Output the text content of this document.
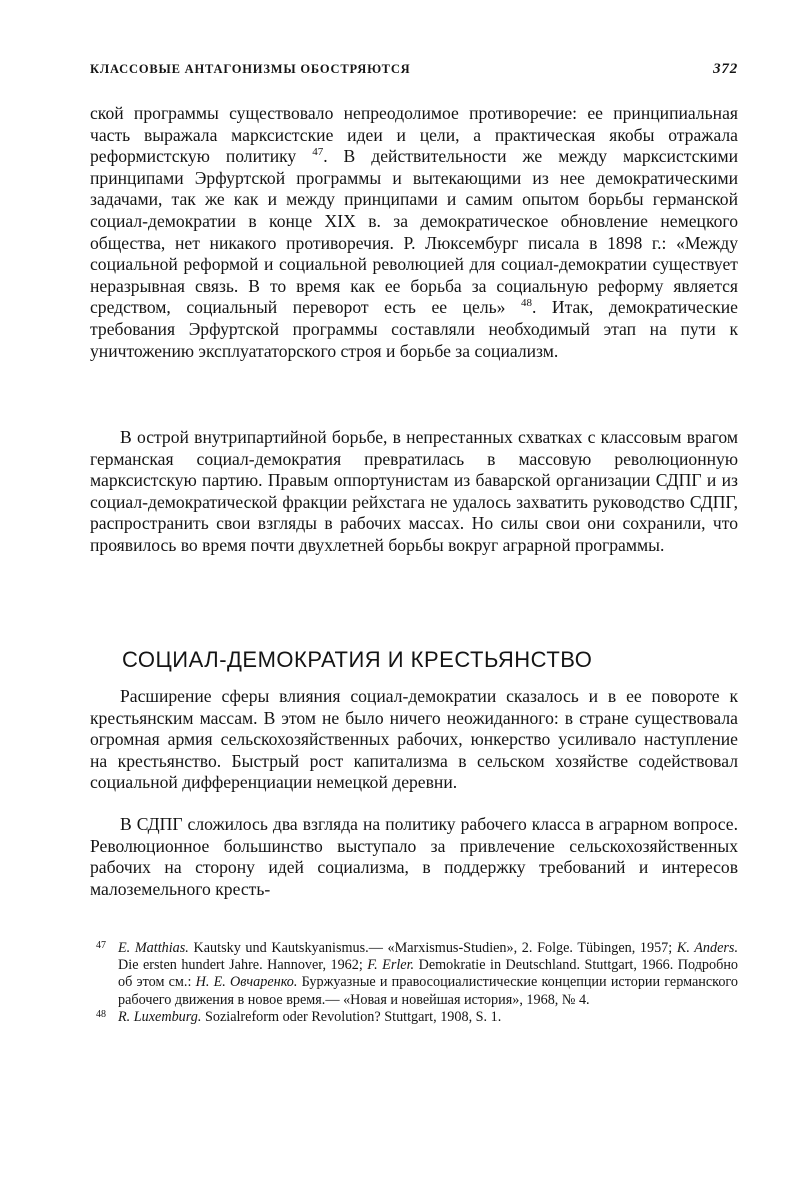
КЛАССОВЫЕ АНТАГОНИЗМЫ ОБОСТРЯЮТСЯ	372
ской программы существовало непреодолимое противоречие: ее принципиальная часть выражала марксистские идеи и цели, а практическая якобы отражала реформистскую политику $^{47}$. В действительности же между марксистскими принципами Эрфуртской программы и вытекающими из нее демократическими задачами, так же как и между принципами и самим опытом борьбы германской социал-демократии в конце XIX в. за демократическое обновление немецкого общества, нет никакого противоречия. Р. Люксембург писала в 1898 г.: «Между социальной реформой и социальной революцией для социал-демократии существует неразрывная связь. В то время как ее борьба за социальную реформу является средством, социальный переворот есть ее цель» $^{48}$. Итак, демократические требования Эрфуртской программы составляли необходимый этап на пути к уничтожению эксплуататорского строя и борьбе за социализм.
В острой внутрипартийной борьбе, в непрестанных схватках с классовым врагом германская социал-демократия превратилась в массовую революционную марксистскую партию. Правым оппортунистам из баварской организации СДПГ и из социал-демократической фракции рейхстага не удалось захватить руководство СДПГ, распространить свои взгляды в рабочих массах. Но силы свои они сохранили, что проявилось во время почти двухлетней борьбы вокруг аграрной программы.
СОЦИАЛ-ДЕМОКРАТИЯ И КРЕСТЬЯНСТВО
Расширение сферы влияния социал-демократии сказалось и в ее повороте к крестьянским массам. В этом не было ничего неожиданного: в стране существовала огромная армия сельскохозяйственных рабочих, юнкерство усиливало наступление на крестьянство. Быстрый рост капитализма в сельском хозяйстве содействовал социальной дифференциации немецкой деревни.
В СДПГ сложилось два взгляда на политику рабочего класса в аграрном вопросе. Революционное большинство выступало за привлечение сельскохозяйственных рабочих на сторону идей социализма, в поддержку требований и интересов малоземельного кресть-
47 E. Matthias. Kautsky und Kautskyanismus.— «Marxismus-Studien», 2. Folge. Tübingen, 1957; K. Anders. Die ersten hundert Jahre. Hannover, 1962; F. Erler. Demokratie in Deutschland. Stuttgart, 1966. Подробно об этом см.: Н. Е. Овчаренко. Буржуазные и правосоциалистические концепции истории германского рабочего движения в новое время.— «Новая и новейшая история», 1968, № 4.
48 R. Luxemburg. Sozialreform oder Revolution? Stuttgart, 1908, S. 1.
